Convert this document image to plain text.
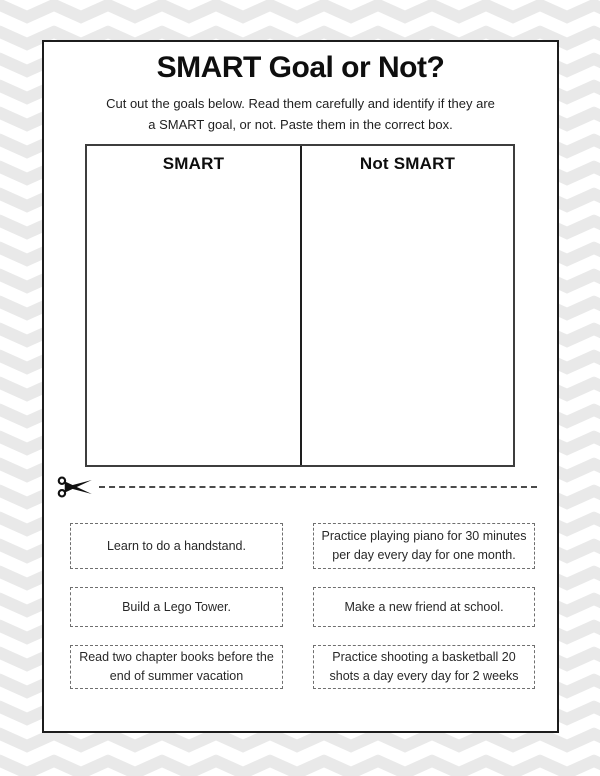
SMART Goal or Not?

Cut out the goals below. Read them carefully and identify if they are
a SMART goal, or not. Paste them in the correct box.

SMART	Not SMART
Learn to do a handstand.
Practice playing piano for 30 minutes per day every day for one month.
Build a Lego Tower.	Make a new friend at school.
Read two chapter books before the end of summer vacation
Practice shooting a basketball 20 shots a day every day for 2 weeks
